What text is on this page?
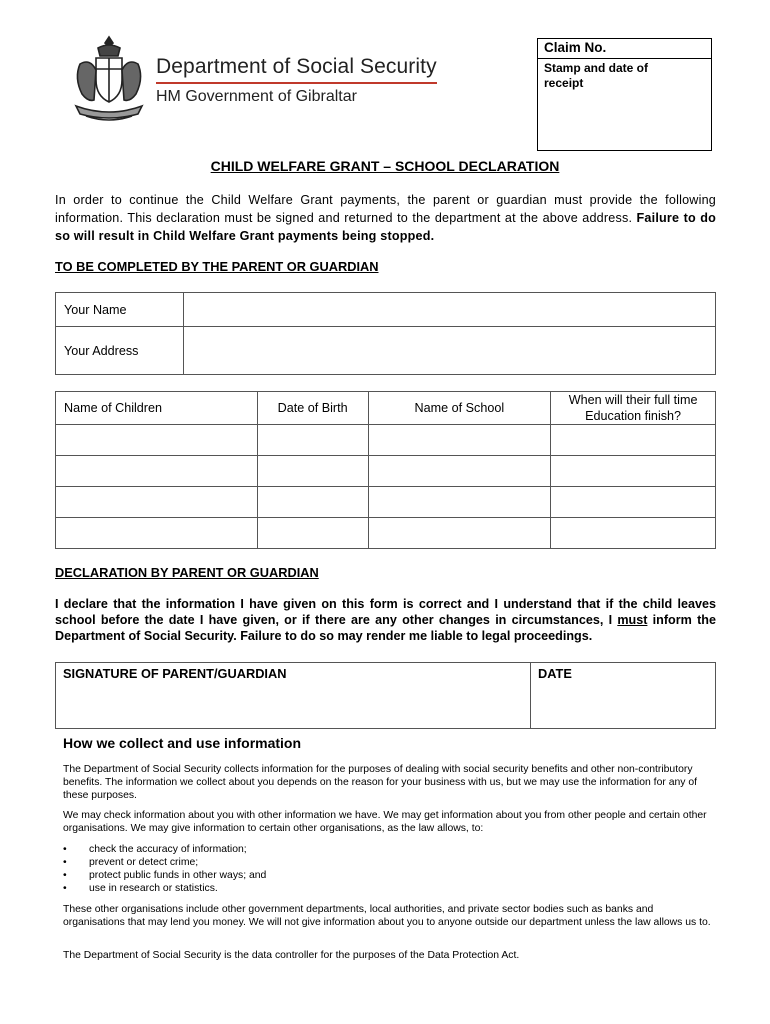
Department of Social Security
HM Government of Gibraltar
Claim No.
Stamp and date of receipt
CHILD WELFARE GRANT – SCHOOL DECLARATION
In order to continue the Child Welfare Grant payments, the parent or guardian must provide the following information. This declaration must be signed and returned to the department at the above address. Failure to do so will result in Child Welfare Grant payments being stopped.
TO BE COMPLETED BY THE PARENT OR GUARDIAN
Your Name	
Your Address	
Name of Children	Date of Birth	Name of School	When will their full time Education finish?

DECLARATION BY PARENT OR GUARDIAN
I declare that the information I have given on this form is correct and I understand that if the child leaves school before the date I have given, or if there are any other changes in circumstances, I must inform the Department of Social Security. Failure to do so may render me liable to legal proceedings.
SIGNATURE OF PARENT/GUARDIAN	DATE
How we collect and use information
The Department of Social Security collects information for the purposes of dealing with social security benefits and other non-contributory benefits. The information we collect about you depends on the reason for your business with us, but we may use the information for any of these purposes.
We may check information about you with other information we have. We may get information about you from other people and certain other organisations. We may give information to certain other organisations, as the law allows, to:
• check the accuracy of information;
• prevent or detect crime;
• protect public funds in other ways; and
• use in research or statistics.
These other organisations include other government departments, local authorities, and private sector bodies such as banks and organisations that may lend you money. We will not give information about you to anyone outside our department unless the law allows us to.
The Department of Social Security is the data controller for the purposes of the Data Protection Act.
